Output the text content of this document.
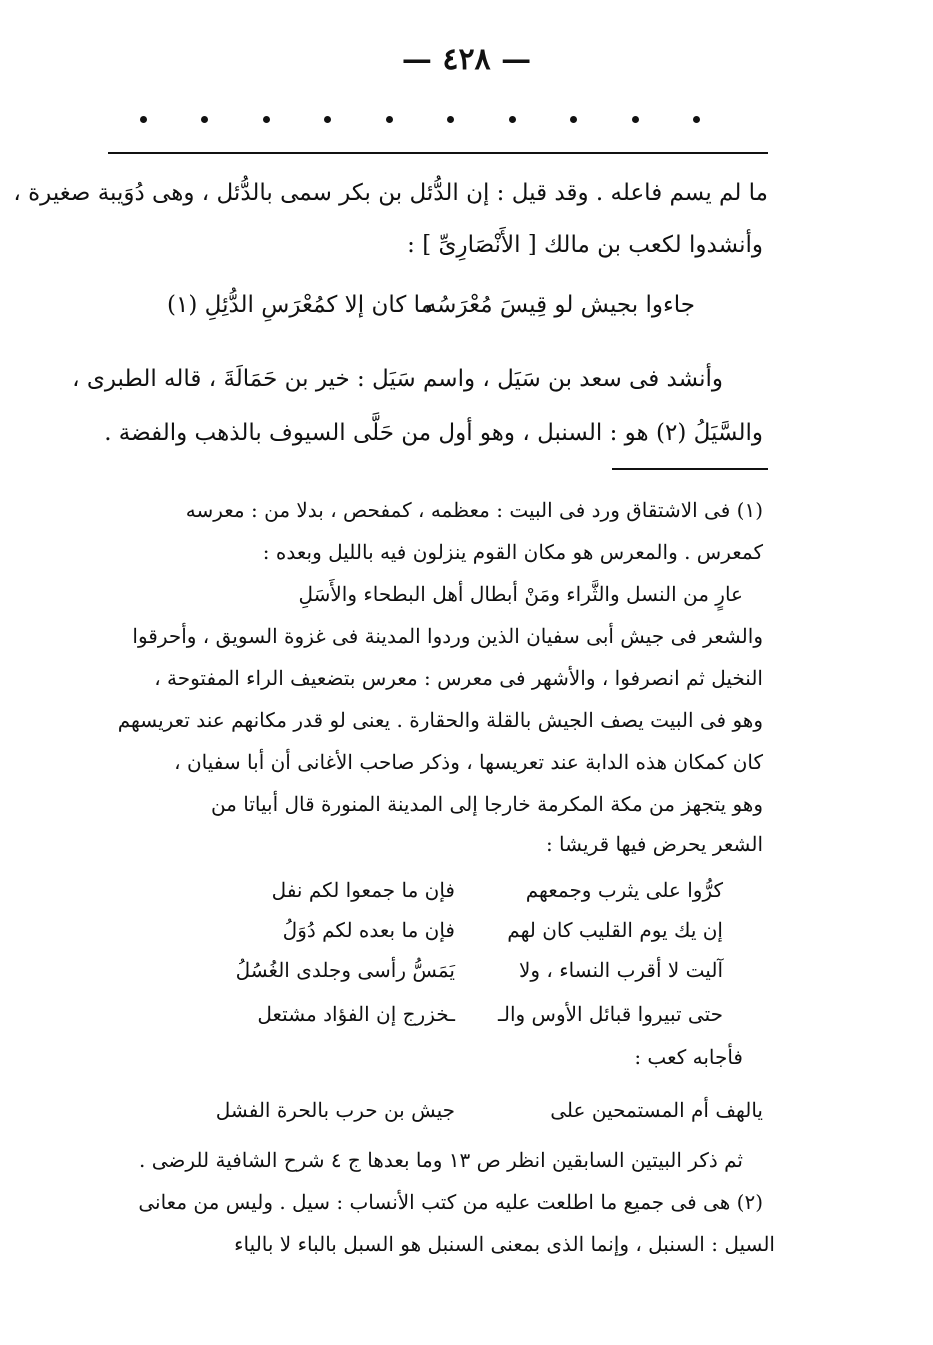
— ٤٢٨ —
ما لم يسم فاعله . وقد قيل : إن الدُّئل بن بكر سمى بالدُّئل ، وهى دُوَيبة صغيرة ،
وأنشدوا لكعب بن مالك [ الأَنْصَارِىِّ ] :
جاءوا بجيش لو قِيسَ مُعْرَسُه
ما كان إلا كمُعْرَسِ الدُّئِلِ (١)
وأنشد فى سعد بن سَيَل ، واسم سَيَل : خير بن حَمَالَةَ ، قاله الطبرى ،
والسَّيَلُ (٢) هو : السنبل ، وهو أول من حَلَّى السيوف بالذهب والفضة .
(١) فى الاشتقاق ورد فى البيت : معظمه ، كمفحص ، بدلا من : معرسه
كمعرس . والمعرس هو مكان القوم ينزلون فيه بالليل وبعده :
عارٍ من النسل والثَّراء ومَنْ أبطال أهل البطحاء والأَسَلِ
والشعر فى جيش أبى سفيان الذين وردوا المدينة فى غزوة السويق ، وأحرقوا
النخيل ثم انصرفوا ، والأشهر فى معرس : معرس بتضعيف الراء المفتوحة ،
وهو فى البيت يصف الجيش بالقلة والحقارة . يعنى لو قدر مكانهم عند تعريسهم
كان كمكان هذه الدابة عند تعريسها ، وذكر صاحب الأغانى أن أبا سفيان ،
وهو يتجهز من مكة المكرمة خارجا إلى المدينة المنورة قال أبياتا من
الشعر يحرض فيها قريشا :
كرُّوا على يثرب وجمعهم
فإن ما جمعوا لكم نفل
إن يك يوم القليب كان لهم
فإن ما بعده لكم دُوَلُ
آليت لا أقرب النساء ، ولا
يَمَسُّ رأسى وجلدى الغُسُلُ
حتى تبيروا قبائل الأوس والـ
ـخزرج إن الفؤاد مشتعل
فأجابه كعب :
يالهف أم المستمحين على
جيش بن حرب بالحرة الفشل
ثم ذكر البيتين السابقين انظر ص ١٣ وما بعدها ج ٤ شرح الشافية للرضى .
(٢) هى فى جميع ما اطلعت عليه من كتب الأنساب : سيل . وليس من معانى
السيل : السنبل ، وإنما الذى بمعنى السنبل هو السبل بالباء لا بالياء
